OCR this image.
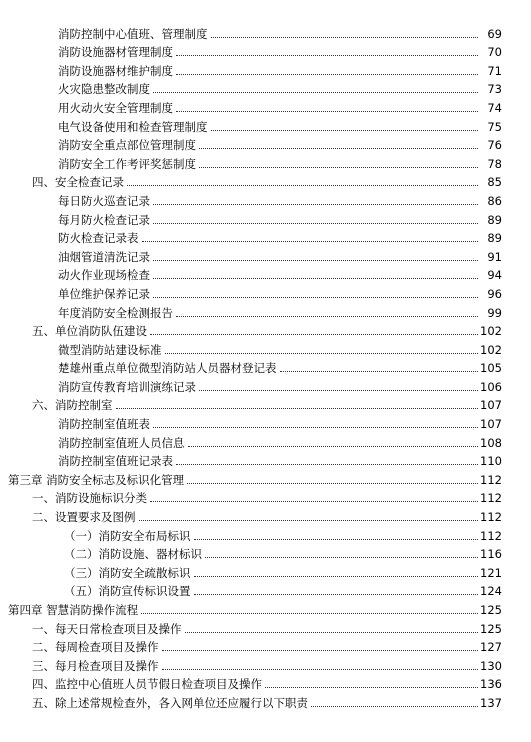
消防控制中心值班、管理制度	69
消防设施器材管理制度	70
消防设施器材维护制度	71
火灾隐患整改制度	73
用火动火安全管理制度	74
电气设备使用和检查管理制度	75
消防安全重点部位管理制度	76
消防安全工作考评奖惩制度	78
四、安全检查记录	85
每日防火巡查记录	86
每月防火检查记录	89
防火检查记录表	89
油烟管道清洗记录	91
动火作业现场检查	94
单位维护保养记录	96
年度消防安全检测报告	99
五、单位消防队伍建设	102
微型消防站建设标准	102
楚雄州重点单位微型消防站人员器材登记表	105
消防宣传教育培训演练记录	106
六、消防控制室	107
消防控制室值班表	107
消防控制室值班人员信息	108
消防控制室值班记录表	110
第三章 消防安全标志及标识化管理	112
一、消防设施标识分类	112
二、设置要求及图例	112
（一）消防安全布局标识	112
（二）消防设施、器材标识	116
（三）消防安全疏散标识	121
（五）消防宣传标识设置	124
第四章 智慧消防操作流程	125
一、每天日常检查项目及操作	125
二、每周检查项目及操作	127
三、每月检查项目及操作	130
四、监控中心值班人员节假日检查项目及操作	136
五、除上述常规检查外，各入网单位还应履行以下职责	137
